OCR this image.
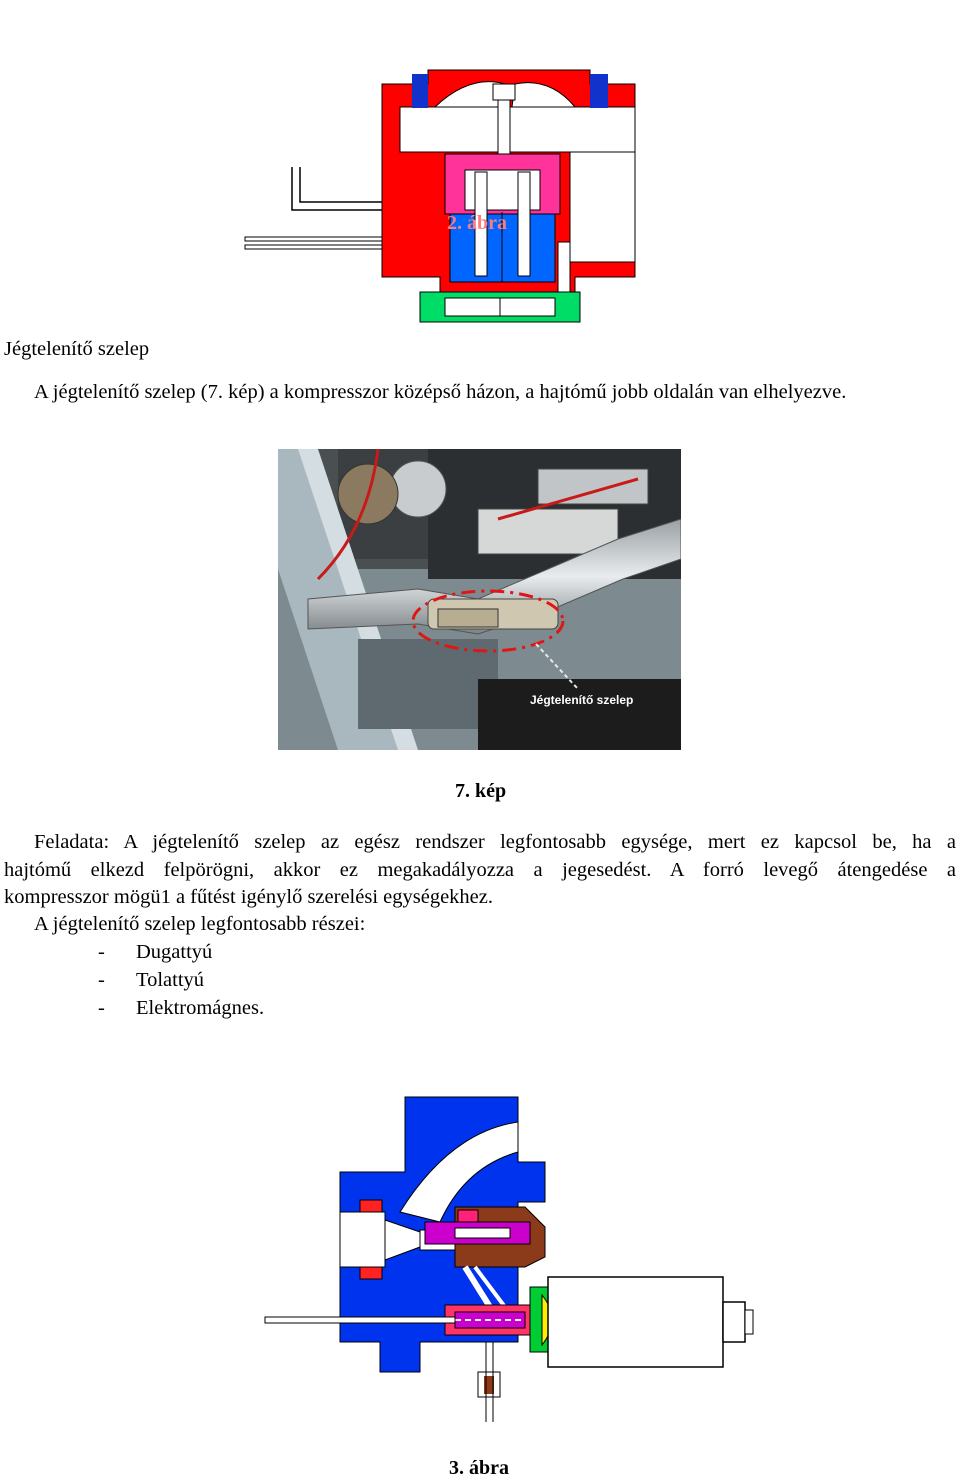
2. ábra
Jégtelenítő szelep
A jégtelenítő szelep (7. kép) a kompresszor középső házon, a hajtómű jobb oldalán van elhelyezve.
Jégtelenítő szelep
7. kép
Feladata: A jégtelenítő szelep az egész rendszer legfontosabb egysége, mert ez kapcsol be, ha a
hajtómű elkezd felpörögni, akkor ez megakadályozza a jegesedést. A forró levegő átengedése a
kompresszor mögü1 a fűtést igénylő szerelési egységekhez.
A jégtelenítő szelep legfontosabb részei:
- Dugattyú
- Tolattyú
- Elektromágnes.
3. ábra
